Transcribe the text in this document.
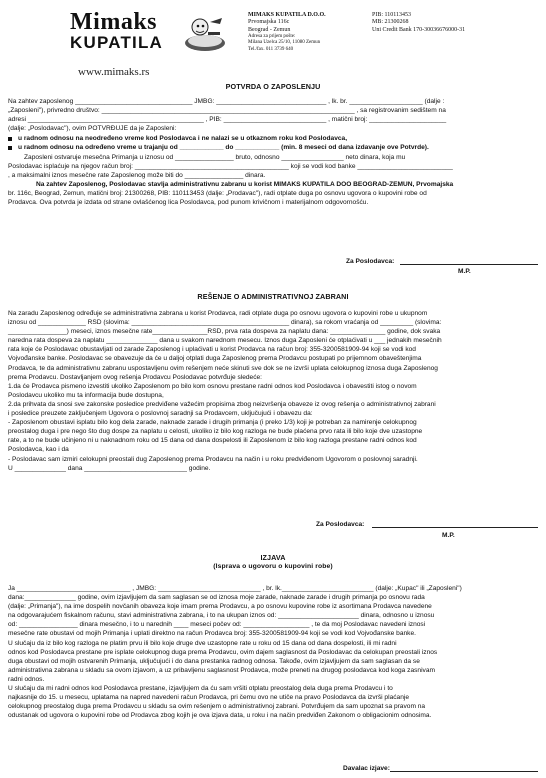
Mimaks
KUPATILA
MIMAKS KUPATILA D.O.O.
Prvomajska 116c
Beograd - Zemun
Adresa za prijem pošte:
Milana Uzelca 25/10, 11080 Zemun
Tel./fax. 011 3739 640
PIB: 110113453
MB: 21300268
Uni Credit Bank 170-30036676000-31
www.mimaks.rs
POTVRDA O ZAPOSLENJU

Na zahtev zaposlenog ________________________________ JMBG: ______________________________ , lk. br. ____________________ (dalje :

„Zaposleni"), privredno društvo: _____________________________________________________________________ , sa registrovanim sedištem na

adresi ________________________________________________ , PIB: ____________________________ , matični broj: _____________________

(dalje: „Poslodavac"), ovim POTVRĐUJE da je Zaposleni:

u radnom odnosu na neodređeno vreme kod Poslodavca i ne nalazi se u otkaznom roku kod Poslodavca,

u radnom odnosu na određeno vreme u trajanju od ____________ do ____________ (min. 8 meseci od dana izdavanje ove Potvrde).

Zaposleni ostvaruje mesečna Primanja u iznosu od ________________ bruto, odnosno _________________ neto dinara, koja mu

Poslodavac isplaćuje na njegov račun broj: __________________________________________ koji se vodi kod banke __________________________

, a maksimalni iznos mesečne rate Zaposlenog može biti do ________________ dinara.

Na zahtev Zaposlenog, Poslodavac stavlja administrativnu zabranu u korist MIMAKS KUPATILA DOO BEOGRAD-ZEMUN, Prvomajska

br. 116c, Beograd, Zemun, matični broj: 21300268, PIB: 110113453 (dalje: „Prodavac"), radi otplate duga po osnovu ugovora o kupovini robe od

Prodavca. Ova potvrda je izdata od strane ovlašćenog lica Poslodavca, pod punom krivičnom i materijalnom odgovornošću.

Za Poslodavca:
M.P.
REŠENJE O ADMINISTRATIVNOJ ZABRANI

Na zaradu Zaposlenog određuje se administrativna zabrana u korist Prodavca, radi otplate duga po osnovu ugovora o kupovini robe u ukupnom

iznosu od _____________ RSD (slovima: ___________________________________________ dinara), sa rokom vraćanja od _________ (slovima:

________________) meseci, iznos mesečne rate_______________RSD, prva rata dospeva za naplatu dana: _______________ godine, dok svaka

naredna rata dospeva za naplatu ______________ dana u svakom narednom mesecu. Iznos duga Zaposleni će otplaćivati u ___ jednakih mesečnih

rata koje će Poslodavac obustavljati od zarade Zaposlenog i uplaćivati u korist Prodavca na račun broj: 355-3200581909-94 koji se vodi kod

Vojvođanske banke. Poslodavac se obavezuje da će u daljoj otplati duga Zaposlenog prema Prodavcu postupati po prijemnom obaveštenjima

Prodavca, te da administrativnu zabranu uspostavljenu ovim rešenjem neće skinuti sve dok se ne izvrši uplata celokupnog iznosa duga Zaposlenog

prema Prodavcu. Dostavljanjem ovog rešenja Prodavcu Poslodavac potvrđuje sledeće:

1.da će Prodavca pismeno izvestiti ukoliko Zaposlenom po bilo kom osnovu prestane radni odnos kod Poslodavca i obavestiti istog o novom

Poslodavcu ukoliko mu ta informacija bude dostupna,

2.da prihvata da snosi sve zakonske posledice predviđene važećim propisima zbog neizvršenja obaveze iz ovog rešenja o administrativnoj zabrani

i posledice preuzete zaključenjem Ugovora o poslovnoj saradnji sa Prodavcem, uključujući i obavezu da:

- Zaposlenom obustavi isplatu bilo kog dela zarade, naknade zarade i drugih primanja (i preko 1/3) koji je potreban za namirenje celokupnog

preostalog duga i pre nego što dug dospe za naplatu u celosti, ukoliko iz bilo kog razloga ne bude plaćena prvo rata ili bilo koje dve uzastopne

rate, a to ne bude učinjeno ni u naknadnom roku od 15 dana od dana dospelosti ili Zaposlenom iz bilo kog razloga prestane radni odnos kod

Poslodavca, kao i da

- Poslodavac sam izmiri celokupni preostali dug Zaposlenog prema Prodavcu na način i u roku predviđenom Ugovorom o poslovnoj saradnji.

U ______________ dana ____________________________ godine.

Za Poslodavca:
M.P.
IZJAVA
(Isprava o ugovoru o kupovini robe)

Ja _______________________________ , JMBG: ____________________________ , br. lk._________________________ (dalje: „Kupac" ili „Zaposleni")

dana:______________ godine, ovim izjavljujem da sam saglasan se od iznosa moje zarade, naknade zarade i drugih primanja po osnovu rada

(dalje: „Primanja"), na ime dospelih novčanih obaveza koje imam prema Prodavcu, a po osnovu kupovine robe iz asortimana Prodavca navedene

na odgovarajućem fiskalnom računu, stavi administrativna zabrana, i to na ukupan iznos od: ______________________ dinara, odnosno u iznosu

od: ________________ dinara mesečno, i to u narednih ____ meseci počev od: __________________ , te da moj Poslodavac navedeni iznosi

mesečne rate obustavi od mojih Primanja i uplati direktno na račun Prodavca broj: 355-3200581909-94 koji se vodi kod Vojvođanske banke.

U slučaju da iz bilo kog razloga ne platim prvu ili bilo koje druge dve uzastopne rate u roku od 15 dana od dana dospelosti, ili mi radni

odnos kod Poslodavca prestane pre isplate celokupnog duga prema Prodavcu, ovim dajem saglasnost da Poslodavac da celokupan preostali iznos

duga obustavi od mojih ostvarenih Primanja, uključujući i do dana prestanka radnog odnosa. Takođe, ovim izjavljujem da sam saglasan da se

administrativna zabrana u skladu sa ovom izjavom, a uz pribavljenu saglasnost Prodavca, može preneti na drugog poslodavca kod koga zasnivam

radni odnos.

U slučaju da mi radni odnos kod Poslodavca prestane, izjavljujem da ću sam vršiti otplatu preostalog dela duga prema Prodavcu i to

najkasnije do 15. u mesecu, uplatama na napred navedeni račun Prodavca, pri čemu ovo ne utiče na pravo Poslodavca da izvrši plaćanje

celokupnog preostalog duga prema Prodavcu u skladu sa ovim rešenjem o administrativnoj zabrani. Potvrđujem da sam upoznat sa pravom na

odustanak od ugovora o kupovini robe od Prodavca zbog kojih je ova izjava data, u roku i na način predviđen Zakonom o obligacionim odnosima.

Davalac izjave:
